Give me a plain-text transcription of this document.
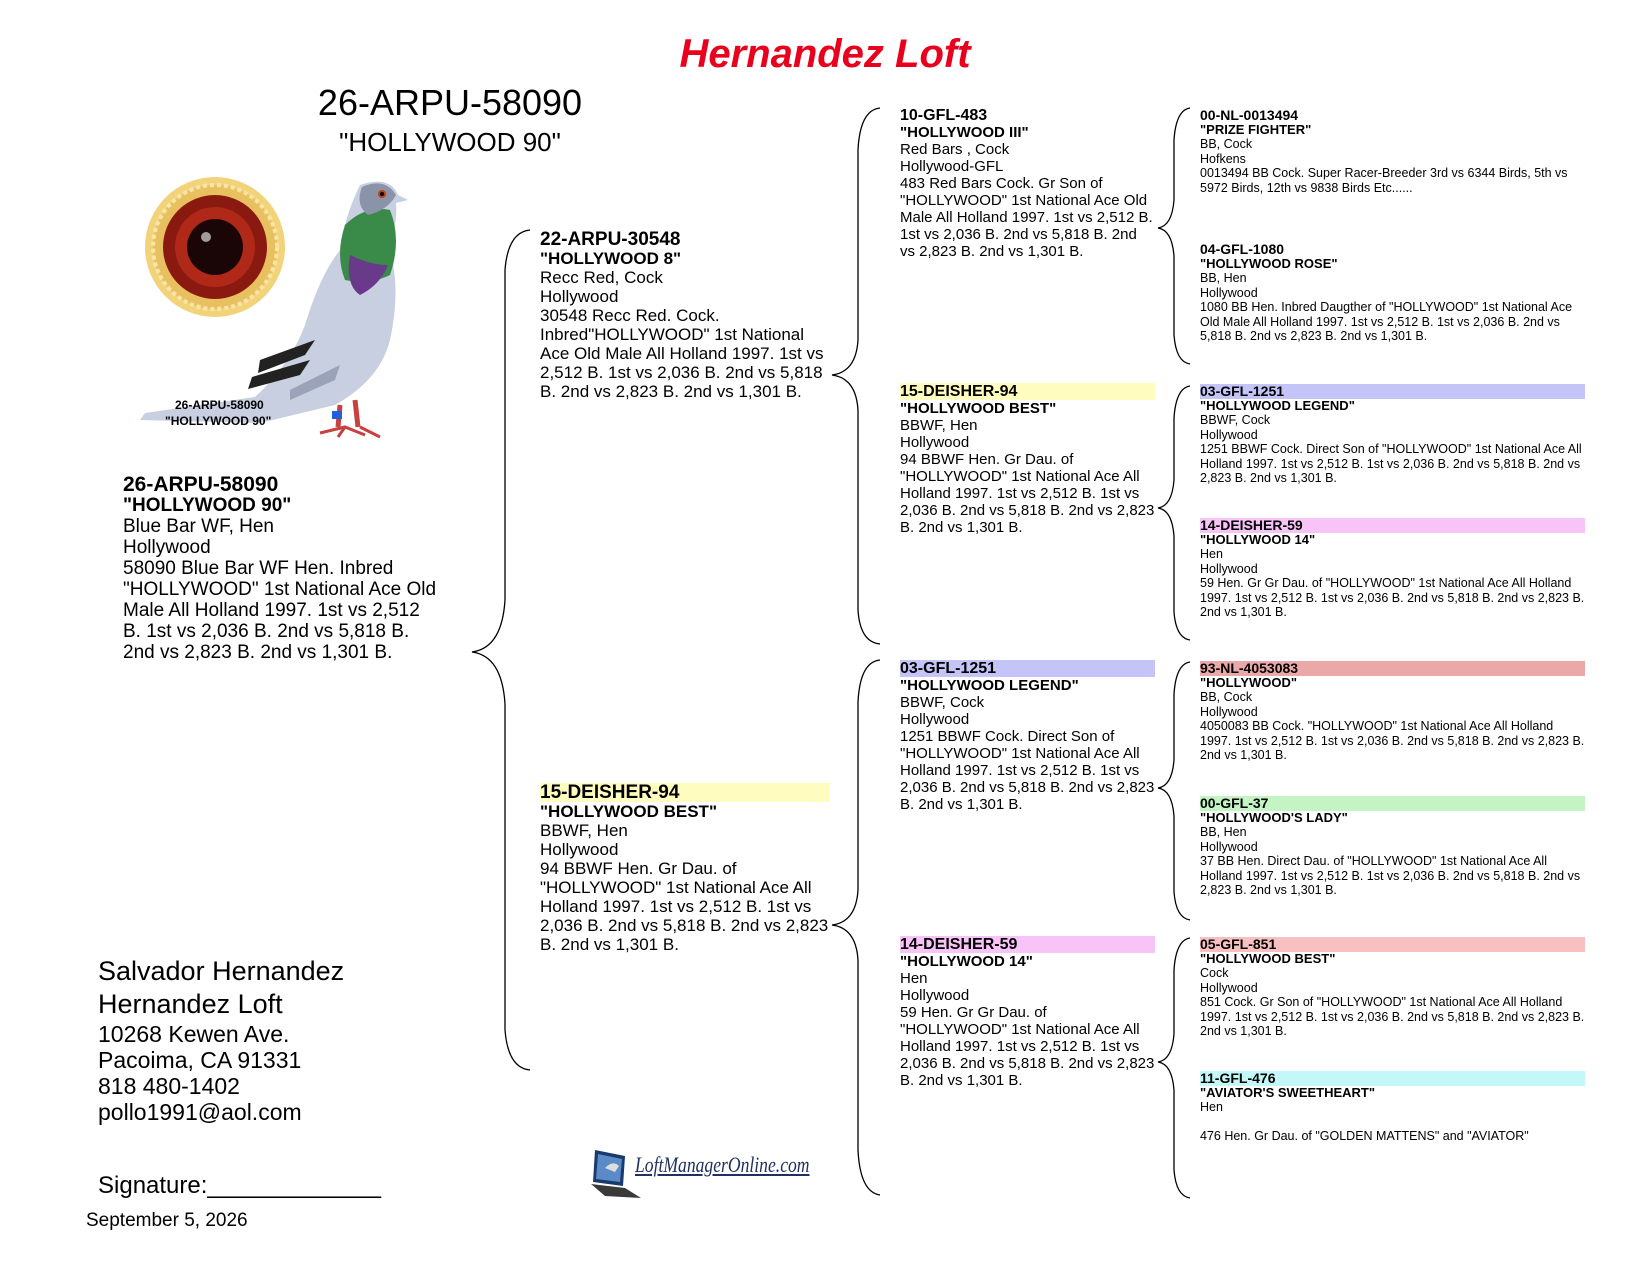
Hernandez Loft
26-ARPU-58090
"HOLLYWOOD 90"
26-ARPU-58090
"HOLLYWOOD 90"
26-ARPU-58090
"HOLLYWOOD 90"
Blue Bar WF, Hen
Hollywood
58090 Blue Bar WF Hen. Inbred "HOLLYWOOD" 1st National Ace Old Male All Holland 1997. 1st vs 2,512 B. 1st vs 2,036 B. 2nd vs 5,818 B. 2nd vs 2,823 B. 2nd vs 1,301 B.
22-ARPU-30548
"HOLLYWOOD 8"
Recc Red, Cock
Hollywood
30548 Recc Red. Cock. Inbred"HOLLYWOOD" 1st National Ace Old Male All Holland 1997. 1st vs 2,512 B. 1st vs 2,036 B. 2nd vs 5,818 B. 2nd vs 2,823 B. 2nd vs 1,301 B.
15-DEISHER-94
"HOLLYWOOD BEST"
BBWF, Hen
Hollywood
94 BBWF Hen. Gr Dau. of "HOLLYWOOD" 1st National Ace All Holland 1997. 1st vs 2,512 B. 1st vs 2,036 B. 2nd vs 5,818 B. 2nd vs 2,823 B. 2nd vs 1,301 B.
10-GFL-483
"HOLLYWOOD III"
Red Bars , Cock
Hollywood-GFL
483 Red Bars Cock. Gr Son of "HOLLYWOOD" 1st National Ace Old Male All Holland 1997. 1st vs 2,512 B. 1st vs 2,036 B. 2nd vs 5,818 B. 2nd vs 2,823 B. 2nd vs 1,301 B.
15-DEISHER-94
"HOLLYWOOD BEST"
BBWF, Hen
Hollywood
94 BBWF Hen. Gr Dau. of "HOLLYWOOD" 1st National Ace All Holland 1997. 1st vs 2,512 B. 1st vs 2,036 B. 2nd vs 5,818 B. 2nd vs 2,823 B. 2nd vs 1,301 B.
03-GFL-1251
"HOLLYWOOD LEGEND"
BBWF, Cock
Hollywood
1251 BBWF Cock. Direct Son of "HOLLYWOOD" 1st National Ace All Holland 1997. 1st vs 2,512 B. 1st vs 2,036 B. 2nd vs 5,818 B. 2nd vs 2,823 B. 2nd vs 1,301 B.
14-DEISHER-59
"HOLLYWOOD 14"
Hen
Hollywood
59 Hen. Gr Gr Dau. of "HOLLYWOOD" 1st National Ace All Holland 1997. 1st vs 2,512 B. 1st vs 2,036 B. 2nd vs 5,818 B. 2nd vs 2,823 B. 2nd vs 1,301 B.
00-NL-0013494
"PRIZE FIGHTER"
BB, Cock
Hofkens
0013494 BB Cock. Super Racer-Breeder 3rd vs 6344 Birds, 5th vs 5972 Birds, 12th vs 9838 Birds Etc......
04-GFL-1080
"HOLLYWOOD ROSE"
BB, Hen
Hollywood
1080 BB Hen. Inbred Daugther of "HOLLYWOOD" 1st National Ace Old Male All Holland 1997. 1st vs 2,512 B. 1st vs 2,036 B. 2nd vs 5,818 B. 2nd vs 2,823 B. 2nd vs 1,301 B.
03-GFL-1251
"HOLLYWOOD LEGEND"
BBWF, Cock
Hollywood
1251 BBWF Cock. Direct Son of "HOLLYWOOD" 1st National Ace All Holland 1997. 1st vs 2,512 B. 1st vs 2,036 B. 2nd vs 5,818 B. 2nd vs 2,823 B. 2nd vs 1,301 B.
14-DEISHER-59
"HOLLYWOOD 14"
Hen
Hollywood
59 Hen. Gr Gr Dau. of "HOLLYWOOD" 1st National Ace All Holland 1997. 1st vs 2,512 B. 1st vs 2,036 B. 2nd vs 5,818 B. 2nd vs 2,823 B. 2nd vs 1,301 B.
93-NL-4053083
"HOLLYWOOD"
BB, Cock
Hollywood
4050083 BB Cock. "HOLLYWOOD" 1st National Ace All Holland 1997. 1st vs 2,512 B. 1st vs 2,036 B. 2nd vs 5,818 B. 2nd vs 2,823 B. 2nd vs 1,301 B.
00-GFL-37
"HOLLYWOOD'S LADY"
BB, Hen
Hollywood
37 BB Hen. Direct Dau. of "HOLLYWOOD" 1st National Ace All Holland 1997. 1st vs 2,512 B. 1st vs 2,036 B. 2nd vs 5,818 B. 2nd vs 2,823 B. 2nd vs 1,301 B.
05-GFL-851
"HOLLYWOOD BEST"
Cock
Hollywood
851 Cock. Gr Son of "HOLLYWOOD" 1st National Ace All Holland 1997. 1st vs 2,512 B. 1st vs 2,036 B. 2nd vs 5,818 B. 2nd vs 2,823 B. 2nd vs 1,301 B.
11-GFL-476
"AVIATOR'S SWEETHEART"
Hen
476 Hen. Gr Dau. of "GOLDEN MATTENS" and "AVIATOR"
Salvador Hernandez
Hernandez Loft
10268 Kewen Ave.
Pacoima, CA 91331
818 480-1402
pollo1991@aol.com
Signature:_____________
September 5, 2026
LoftManagerOnline.com
